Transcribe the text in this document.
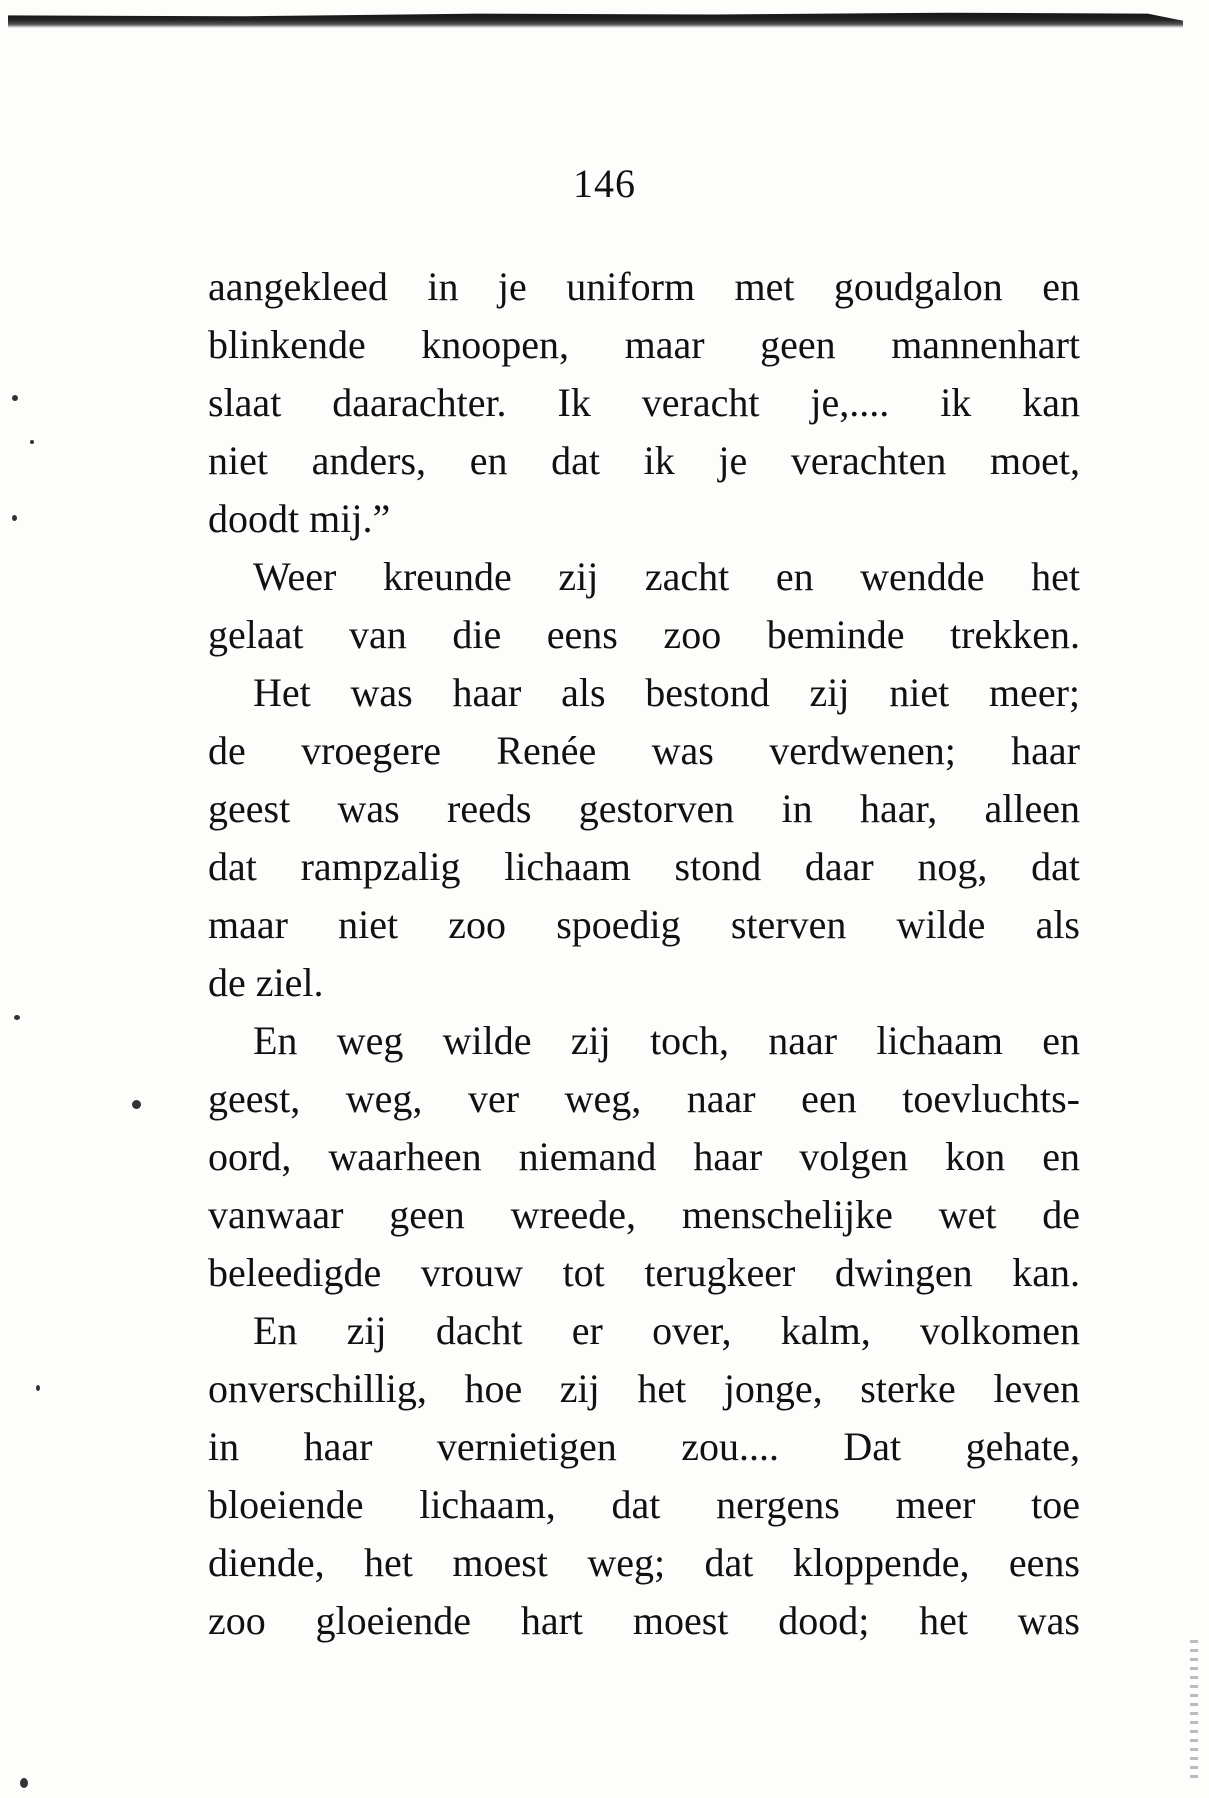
146
aangekleed in je uniform met goudgalon en
blinkende knoopen, maar geen mannenhart
slaat daarachter. Ik veracht je,.... ik kan
niet anders, en dat ik je verachten moet,
doodt mij.”
Weer kreunde zij zacht en wendde het
gelaat van die eens zoo beminde trekken.
Het was haar als bestond zij niet meer;
de vroegere Renée was verdwenen; haar
geest was reeds gestorven in haar, alleen
dat rampzalig lichaam stond daar nog, dat
maar niet zoo spoedig sterven wilde als
de ziel.
En weg wilde zij toch, naar lichaam en
geest, weg, ver weg, naar een toevluchts-
oord, waarheen niemand haar volgen kon en
vanwaar geen wreede, menschelijke wet de
beleedigde vrouw tot terugkeer dwingen kan.
En zij dacht er over, kalm, volkomen
onverschillig, hoe zij het jonge, sterke leven
in haar vernietigen zou.... Dat gehate,
bloeiende lichaam, dat nergens meer toe
diende, het moest weg; dat kloppende, eens
zoo gloeiende hart moest dood; het was
